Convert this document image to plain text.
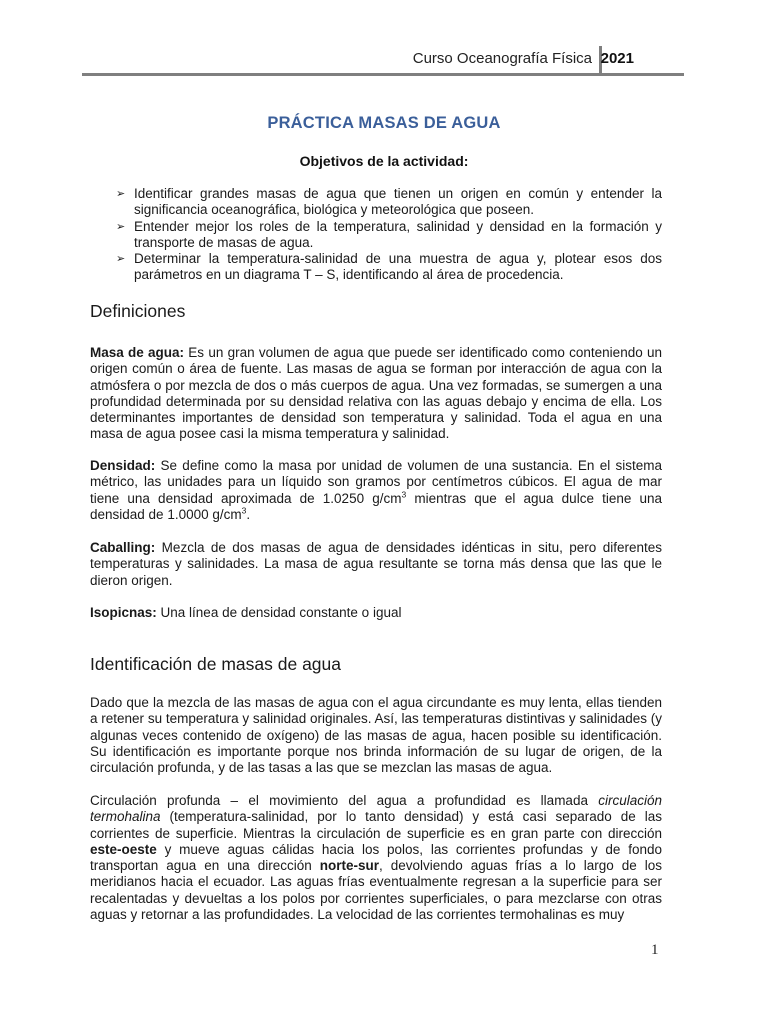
Curso Oceanografía Física 2021
PRÁCTICA MASAS DE AGUA
Objetivos de la actividad:
➢ Identificar grandes masas de agua que tienen un origen en común y entender la significancia oceanográfica, biológica y meteorológica que poseen.
➢ Entender mejor los roles de la temperatura, salinidad y densidad en la formación y transporte de masas de agua.
➢ Determinar la temperatura-salinidad de una muestra de agua y, plotear esos dos parámetros en un diagrama T – S, identificando al área de procedencia.
Definiciones

Masa de agua: Es un gran volumen de agua que puede ser identificado como conteniendo un origen común o área de fuente. Las masas de agua se forman por interacción de agua con la atmósfera o por mezcla de dos o más cuerpos de agua. Una vez formadas, se sumergen a una profundidad determinada por su densidad relativa con las aguas debajo y encima de ella. Los determinantes importantes de densidad son temperatura y salinidad. Toda el agua en una masa de agua posee casi la misma temperatura y salinidad.

Densidad: Se define como la masa por unidad de volumen de una sustancia. En el sistema métrico, las unidades para un líquido son gramos por centímetros cúbicos. El agua de mar tiene una densidad aproximada de 1.0250 $g/cm^3$ mientras que el agua dulce tiene una densidad de 1.0000 $g/cm^3$.

Caballing: Mezcla de dos masas de agua de densidades idénticas in situ, pero diferentes temperaturas y salinidades. La masa de agua resultante se torna más densa que las que le dieron origen.

Isopicnas: Una línea de densidad constante o igual

Identificación de masas de agua

Dado que la mezcla de las masas de agua con el agua circundante es muy lenta, ellas tienden a retener su temperatura y salinidad originales. Así, las temperaturas distintivas y salinidades (y algunas veces contenido de oxígeno) de las masas de agua, hacen posible su identificación. Su identificación es importante porque nos brinda información de su lugar de origen, de la circulación profunda, y de las tasas a las que se mezclan las masas de agua.

Circulación profunda – el movimiento del agua a profundidad es llamada circulación termohalina (temperatura-salinidad, por lo tanto densidad) y está casi separado de las corrientes de superficie. Mientras la circulación de superficie es en gran parte con dirección este-oeste y mueve aguas cálidas hacia los polos, las corrientes profundas y de fondo transportan agua en una dirección norte-sur, devolviendo aguas frías a lo largo de los meridianos hacia el ecuador. Las aguas frías eventualmente regresan a la superficie para ser recalentadas y devueltas a los polos por corrientes superficiales, o para mezclarse con otras aguas y retornar a las profundidades. La velocidad de las corrientes termohalinas es muy

1
